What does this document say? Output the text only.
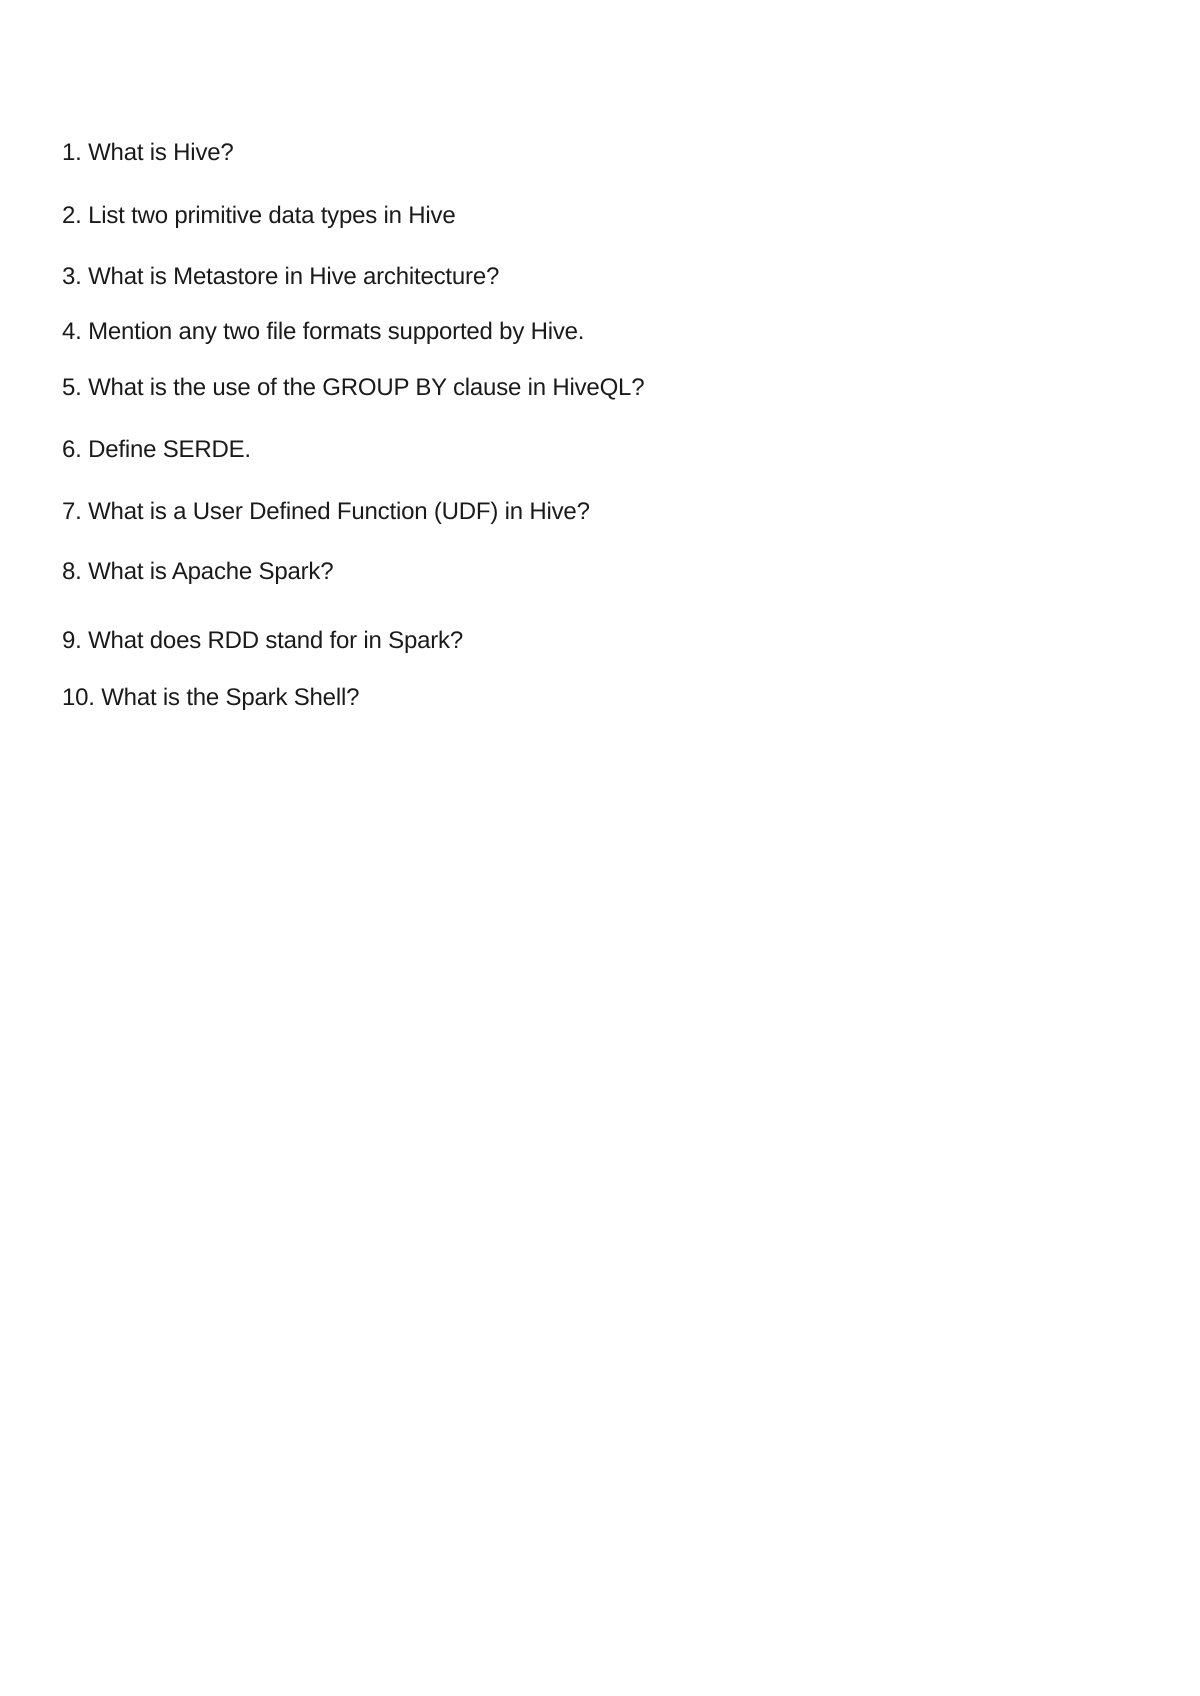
1. What is Hive?
2. List two primitive data types in Hive
3. What is Metastore in Hive architecture?
4. Mention any two file formats supported by Hive.
5. What is the use of the GROUP BY clause in HiveQL?
6. Define SERDE.
7. What is a User Defined Function (UDF) in Hive?
8. What is Apache Spark?
9. What does RDD stand for in Spark?
10. What is the Spark Shell?
